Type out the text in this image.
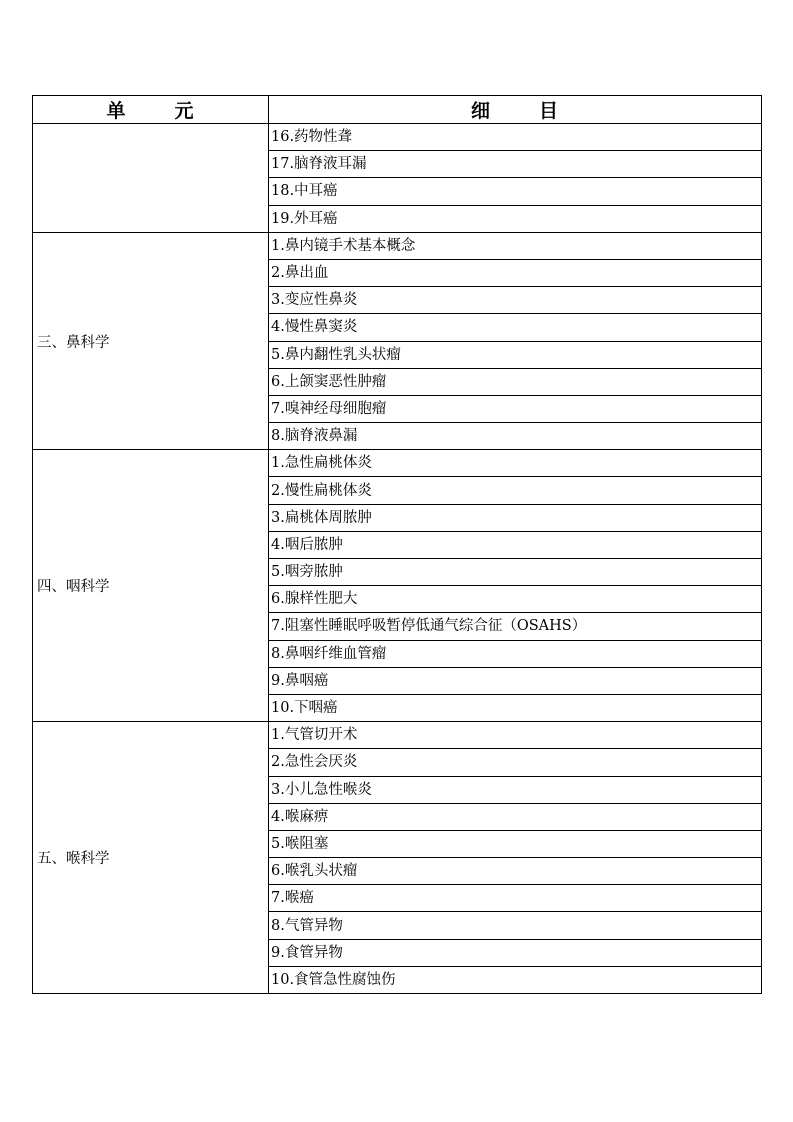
单 元	细 目
	16.药物性聋
	17.脑脊液耳漏
	18.中耳癌
	19.外耳癌
三、鼻科学	1.鼻内镜手术基本概念
	2.鼻出血
	3.变应性鼻炎
	4.慢性鼻窦炎
	5.鼻内翻性乳头状瘤
	6.上颌窦恶性肿瘤
	7.嗅神经母细胞瘤
	8.脑脊液鼻漏
四、咽科学	1.急性扁桃体炎
	2.慢性扁桃体炎
	3.扁桃体周脓肿
	4.咽后脓肿
	5.咽旁脓肿
	6.腺样性肥大
	7.阻塞性睡眠呼吸暂停低通气综合征（OSAHS）
	8.鼻咽纤维血管瘤
	9.鼻咽癌
	10.下咽癌
五、喉科学	1.气管切开术
	2.急性会厌炎
	3.小儿急性喉炎
	4.喉麻痹
	5.喉阻塞
	6.喉乳头状瘤
	7.喉癌
	8.气管异物
	9.食管异物
	10.食管急性腐蚀伤
